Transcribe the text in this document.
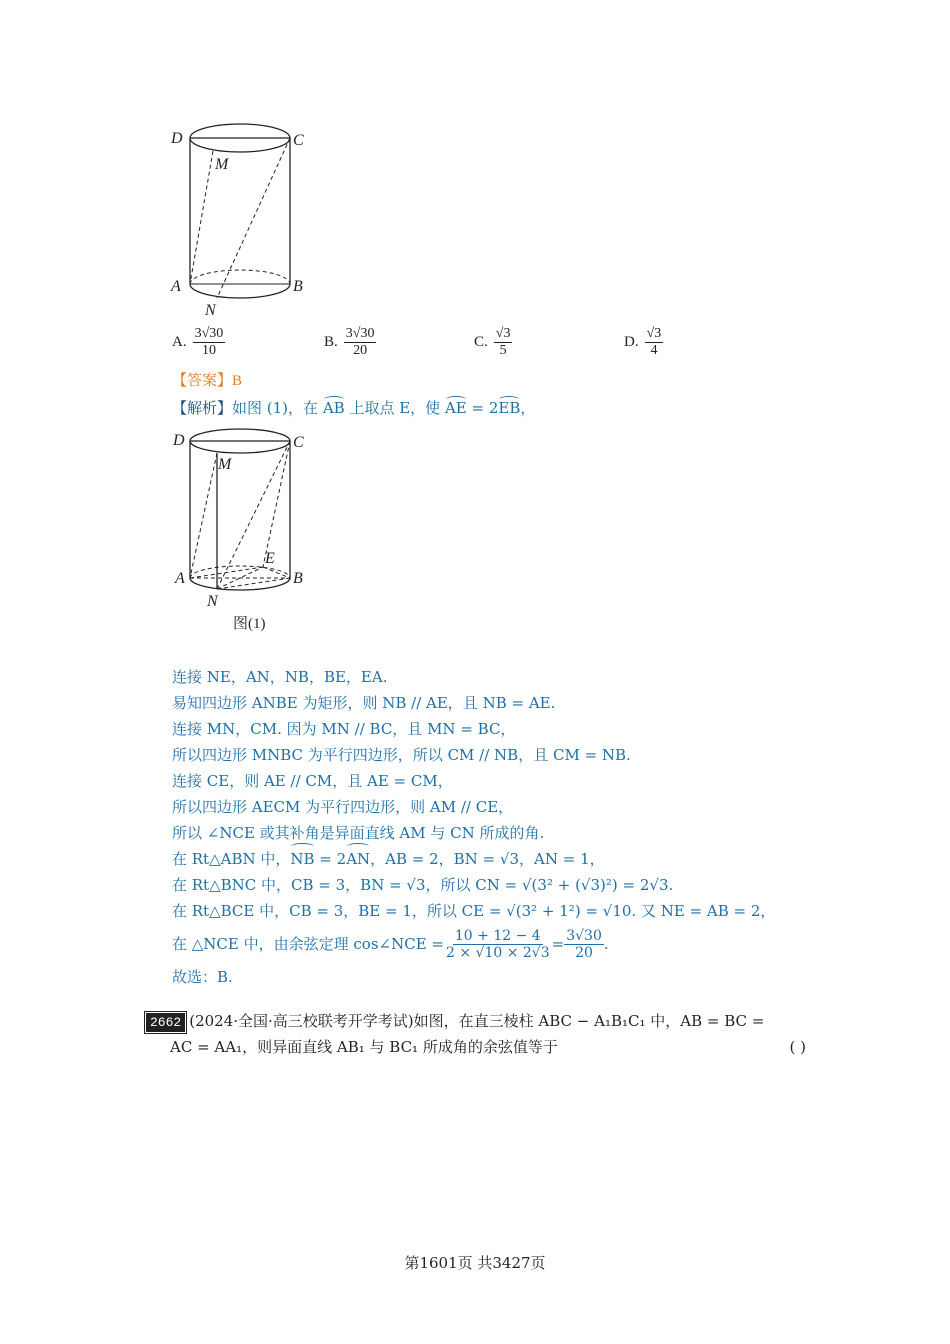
D	C
M
A	B
N
A. $\frac{3√30}{10}$	B. $\frac{3√30}{20}$	C. $\frac{√3}{5}$	D. $\frac{√3}{4}$
【答案】B
【解析】如图 (1)，在 AB 上取点 E，使 AE = 2EB，
D	C
M
E
A	B
N
图(1)
连接 NE，AN，NB，BE，EA.
易知四边形 ANBE 为矩形，则 NB // AE，且 NB = AE.
连接 MN，CM. 因为 MN // BC，且 MN = BC，
所以四边形 MNBC 为平行四边形，所以 CM // NB，且 CM = NB.
连接 CE，则 AE // CM，且 AE = CM，
所以四边形 AECM 为平行四边形，则 AM // CE，
所以 ∠NCE 或其补角是异面直线 AM 与 CN 所成的角.
在 Rt△ABN 中，NB = 2AN，AB = 2，BN = √3，AN = 1，
在 Rt△BNC 中，CB = 3，BN = √3，所以 CN = √(3² + (√3)²) = 2√3.
在 Rt△BCE 中，CB = 3，BE = 1，所以 CE = √(3² + 1²) = √10. 又 NE = AB = 2，
在 △NCE 中，由余弦定理 cos∠NCE = $\frac{10 + 12 - 4}{2 \times √10 \times 2√3} = \frac{3√30}{20}$ .
故选：B.
2662 (2024·全国·高三校联考开学考试)如图，在直三棱柱 ABC − A₁B₁C₁ 中，AB = BC =
AC = AA₁，则异面直线 AB₁ 与 BC₁ 所成角的余弦值等于	( )
第1601页 共3427页
